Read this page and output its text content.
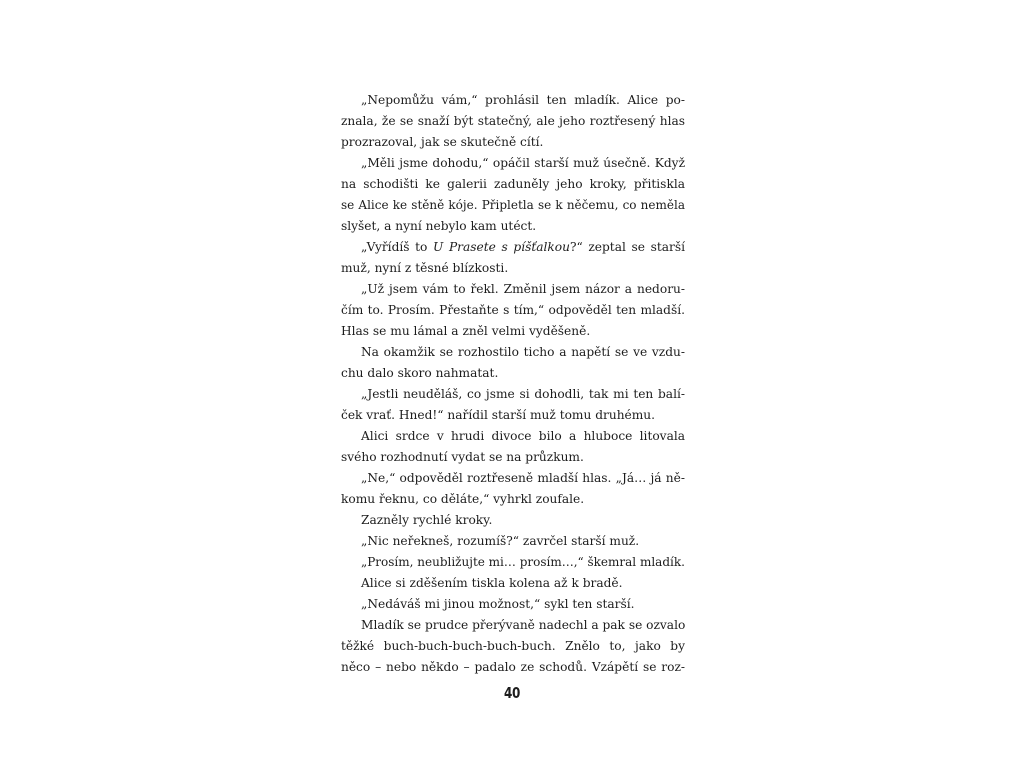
„Nepomůžu vám,“ prohlásil ten mladík. Alice po-
znala, že se snaží být statečný, ale jeho roztřesený hlas
prozrazoval, jak se skutečně cítí.
„Měli jsme dohodu,“ opáčil starší muž úsečně. Když
na schodišti ke galerii zaduněly jeho kroky, přitiskla
se Alice ke stěně kóje. Připletla se k něčemu, co neměla
slyšet, a nyní nebylo kam utéct.
„Vyřídíš to U Prasete s píšťalkou?“ zeptal se starší
muž, nyní z těsné blízkosti.
„Už jsem vám to řekl. Změnil jsem názor a nedoru-
čím to. Prosím. Přestaňte s tím,“ odpověděl ten mladší.
Hlas se mu lámal a zněl velmi vyděšeně.
Na okamžik se rozhostilo ticho a napětí se ve vzdu-
chu dalo skoro nahmatat.
„Jestli neuděláš, co jsme si dohodli, tak mi ten balí-
ček vrať. Hned!“ nařídil starší muž tomu druhému.
Alici srdce v hrudi divoce bilo a hluboce litovala
svého rozhodnutí vydat se na průzkum.
„Ne,“ odpověděl roztřeseně mladší hlas. „Já… já ně-
komu řeknu, co děláte,“ vyhrkl zoufale.
Zazněly rychlé kroky.
„Nic neřekneš, rozumíš?“ zavrčel starší muž.
„Prosím, neubližujte mi… prosím…,“ škemral mladík.
Alice si zděšením tiskla kolena až k bradě.
„Nedáváš mi jinou možnost,“ sykl ten starší.
Mladík se prudce přerývaně nadechl a pak se ozvalo
těžké buch-buch-buch-buch-buch. Znělo to, jako by
něco – nebo někdo – padalo ze schodů. Vzápětí se roz-
40
